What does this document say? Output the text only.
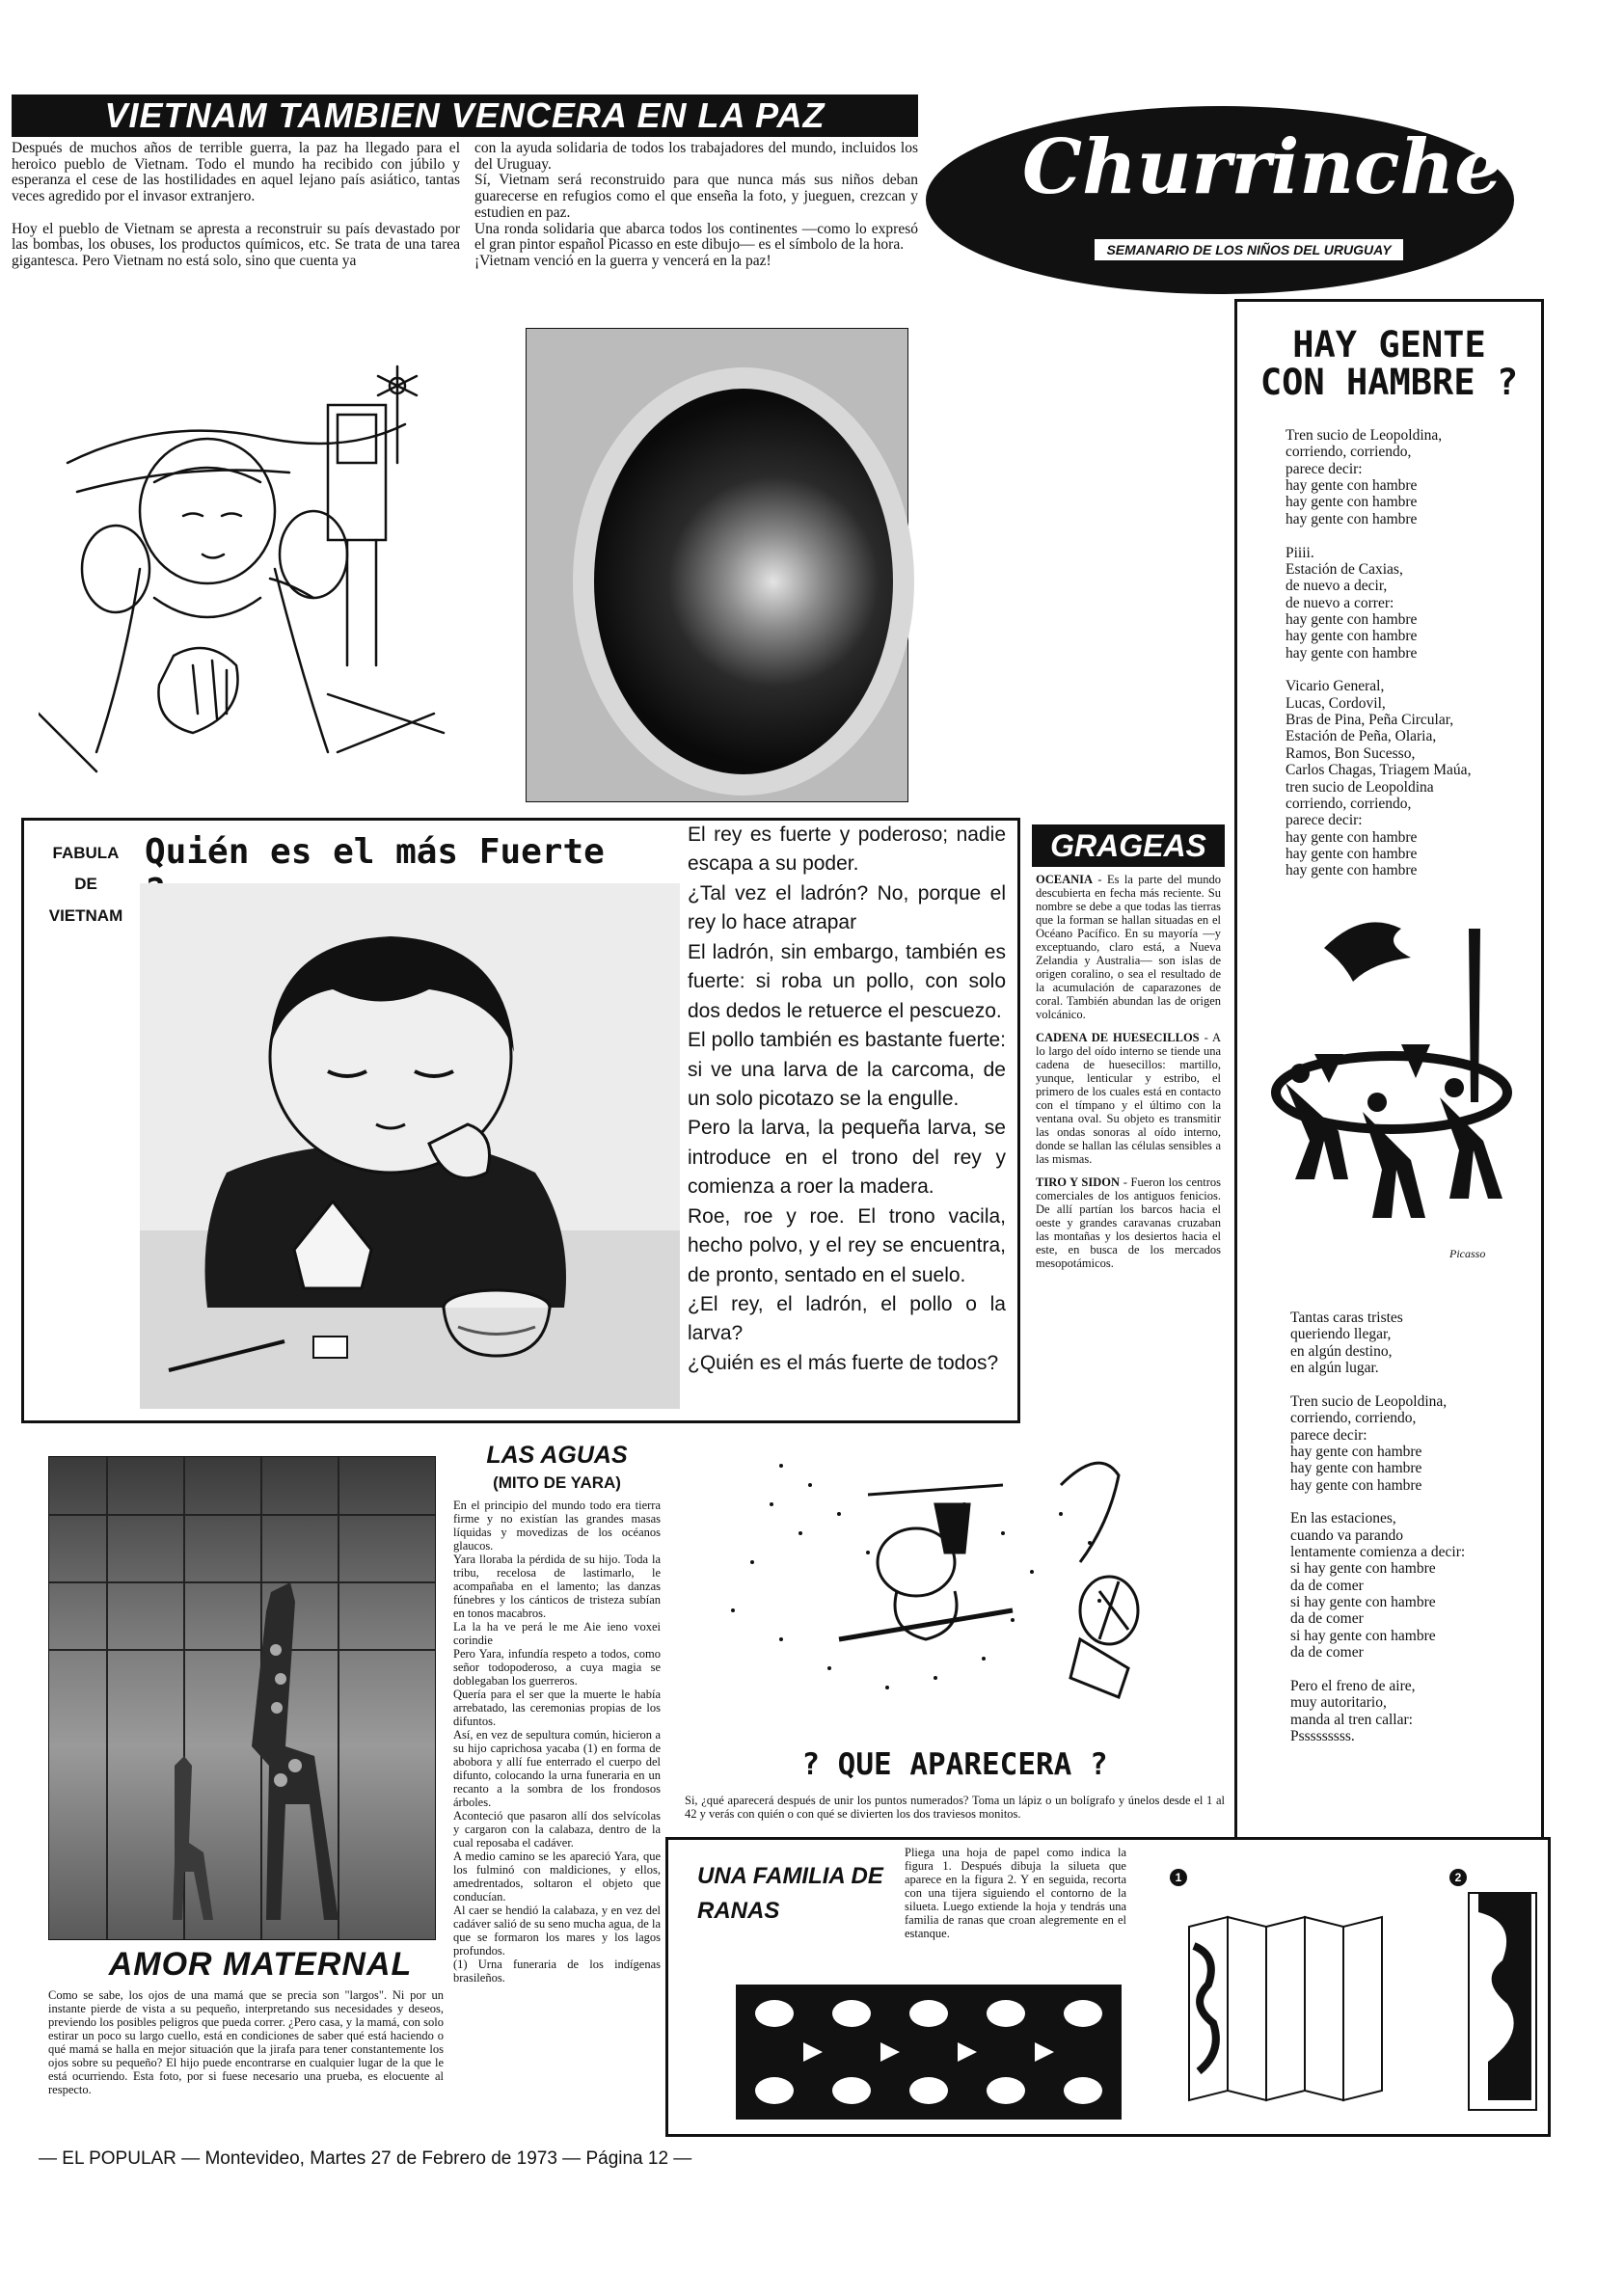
VIETNAM TAMBIEN VENCERA EN LA PAZ
Después de muchos años de terrible guerra, la paz ha llegado para el heroico pueblo de Vietnam. Todo el mundo ha recibido con júbilo y esperanza el cese de las hostilidades en aquel lejano país asiático, tantas veces agredido por el invasor extranjero.

Hoy el pueblo de Vietnam se apresta a reconstruir su país devastado por las bombas, los obuses, los productos químicos, etc. Se trata de una tarea gigantesca. Pero Vietnam no está solo, sino que cuenta ya
con la ayuda solidaria de todos los trabajadores del mundo, incluidos los del Uruguay.
Sí, Vietnam será reconstruido para que nunca más sus niños deban guarecerse en refugios como el que enseña la foto, y jueguen, crezcan y estudien en paz.
Una ronda solidaria que abarca todos los continentes —como lo expresó el gran pintor español Picasso en este dibujo— es el símbolo de la hora.
¡Vietnam venció en la guerra y vencerá en la paz!
Churrinche
SEMANARIO DE LOS NIÑOS DEL URUGUAY
HAY GENTE
CON HAMBRE ?
Tren sucio de Leopoldina,
corriendo, corriendo,
parece decir:
hay gente con hambre
hay gente con hambre
hay gente con hambre

Piiii.
Estación de Caxias,
de nuevo a decir,
de nuevo a correr:
hay gente con hambre
hay gente con hambre
hay gente con hambre

Vicario General,
Lucas, Cordovil,
Bras de Pina, Peña Circular,
Estación de Peña, Olaria,
Ramos, Bon Sucesso,
Carlos Chagas, Triagem Maúa,
tren sucio de Leopoldina
corriendo, corriendo,
parece decir:
hay gente con hambre
hay gente con hambre
hay gente con hambre
Picasso
Tantas caras tristes
queriendo llegar,
en algún destino,
en algún lugar.

Tren sucio de Leopoldina,
corriendo, corriendo,
parece decir:
hay gente con hambre
hay gente con hambre
hay gente con hambre

En las estaciones,
cuando va parando
lentamente comienza a decir:
si hay gente con hambre
da de comer
si hay gente con hambre
da de comer
si hay gente con hambre
da de comer

Pero el freno de aire,
muy autoritario,
manda al tren callar:
Psssssssss.
FABULA
DE
VIETNAM
Quién es el más Fuerte	El rey es fuerte y poderoso; nadie escapa a su poder.
¿Tal vez el ladrón? No, porque el rey lo hace atrapar
El ladrón, sin embargo, también es fuerte: si roba un pollo, con solo dos dedos le retuerce el pescuezo.
El pollo también es bastante fuerte: si ve una larva de la carcoma, de un solo picotazo se la engulle.
Pero la larva, la pequeña larva, se introduce en el trono del rey y comienza a roer la madera.
Roe, roe y roe. El trono vacila, hecho polvo, y el rey se encuentra, de pronto, sentado en el suelo.
¿El rey, el ladrón, el pollo o la larva?
¿Quién es el más fuerte de todos?
GRAGEAS

OCEANIA - Es la parte del mundo descubierta en fecha más reciente. Su nombre se debe a que todas las tierras que la forman se hallan situadas en el Océano Pacífico. En su mayoría —y exceptuando, claro está, a Nueva Zelandia y Australia— son islas de origen coralino, o sea el resultado de la acumulación de caparazones de coral. También abundan las de origen volcánico.

CADENA DE HUESECILLOS - A lo largo del oído interno se tiende una cadena de huesecillos: martillo, yunque, lenticular y estribo, el primero de los cuales está en contacto con el tímpano y el último con la ventana oval. Su objeto es transmitir las ondas sonoras al oído interno, donde se hallan las células sensibles a las mismas.

TIRO Y SIDON - Fueron los centros comerciales de los antiguos fenicios. De allí partían los barcos hacia el oeste y grandes caravanas cruzaban las montañas y los desiertos hacia el este, en busca de los mercados mesopotámicos.

LAS AGUAS
(MITO DE YARA)
En el principio del mundo todo era tierra firme y no existían las grandes masas líquidas y movedizas de los océanos glaucos.
Yara lloraba la pérdida de su hijo. Toda la tribu, recelosa de lastimarlo, le acompañaba en el lamento; las danzas fúnebres y los cánticos de tristeza subían en tonos macabros.
La la ha ve perá le me Aie ieno voxei corindie
Pero Yara, infundía respeto a todos, como señor todopoderoso, a cuya magia se doblegaban los guerreros.
Quería para el ser que la muerte le había arrebatado, las ceremonias propias de los difuntos.
Así, en vez de sepultura común, hicieron a su hijo caprichosa yacaba (1) en forma de abobora y allí fue enterrado el cuerpo del difunto, colocando la urna funeraria en un recanto a la sombra de los frondosos árboles.
Aconteció que pasaron allí dos selvícolas y cargaron con la calabaza, dentro de la cual reposaba el cadáver.
A medio camino se les apareció Yara, que los fulminó con maldiciones, y ellos, amedrentados, soltaron el objeto que conducían.
Al caer se hendió la calabaza, y en vez del cadáver salió de su seno mucha agua, de la que se formaron los mares y los lagos profundos.
(1) Urna funeraria de los indígenas brasileños.
AMOR MATERNAL
Como se sabe, los ojos de una mamá que se precia son "largos". Ni por un instante pierde de vista a su pequeño, interpretando sus necesidades y deseos, previendo los posibles peligros que pueda correr. ¿Pero casa, y la mamá, con solo estirar un poco su largo cuello, está en condiciones de saber qué está haciendo o qué mamá se halla en mejor situación que la jirafa para tener constantemente los ojos sobre su pequeño? El hijo puede encontrarse en cualquier lugar de la que le está ocurriendo. Esta foto, por si fuese necesario una prueba, es elocuente al respecto.
? QUE APARECERA ?
Si, ¿qué aparecerá después de unir los puntos numerados? Toma un lápiz o un bolígrafo y únelos desde el 1 al 42 y verás con quién o con qué se divierten los dos traviesos monitos.
UNA FAMILIA DE RANAS
Pliega una hoja de papel como indica la figura 1. Después dibuja la silueta que aparece en la figura 2. Y en seguida, recorta con una tijera siguiendo el contorno de la silueta. Luego extiende la hoja y tendrás una familia de ranas que croan alegremente en el estanque.
1	2
— EL POPULAR — Montevideo, Martes 27 de Febrero de 1973 — Página 12 —
